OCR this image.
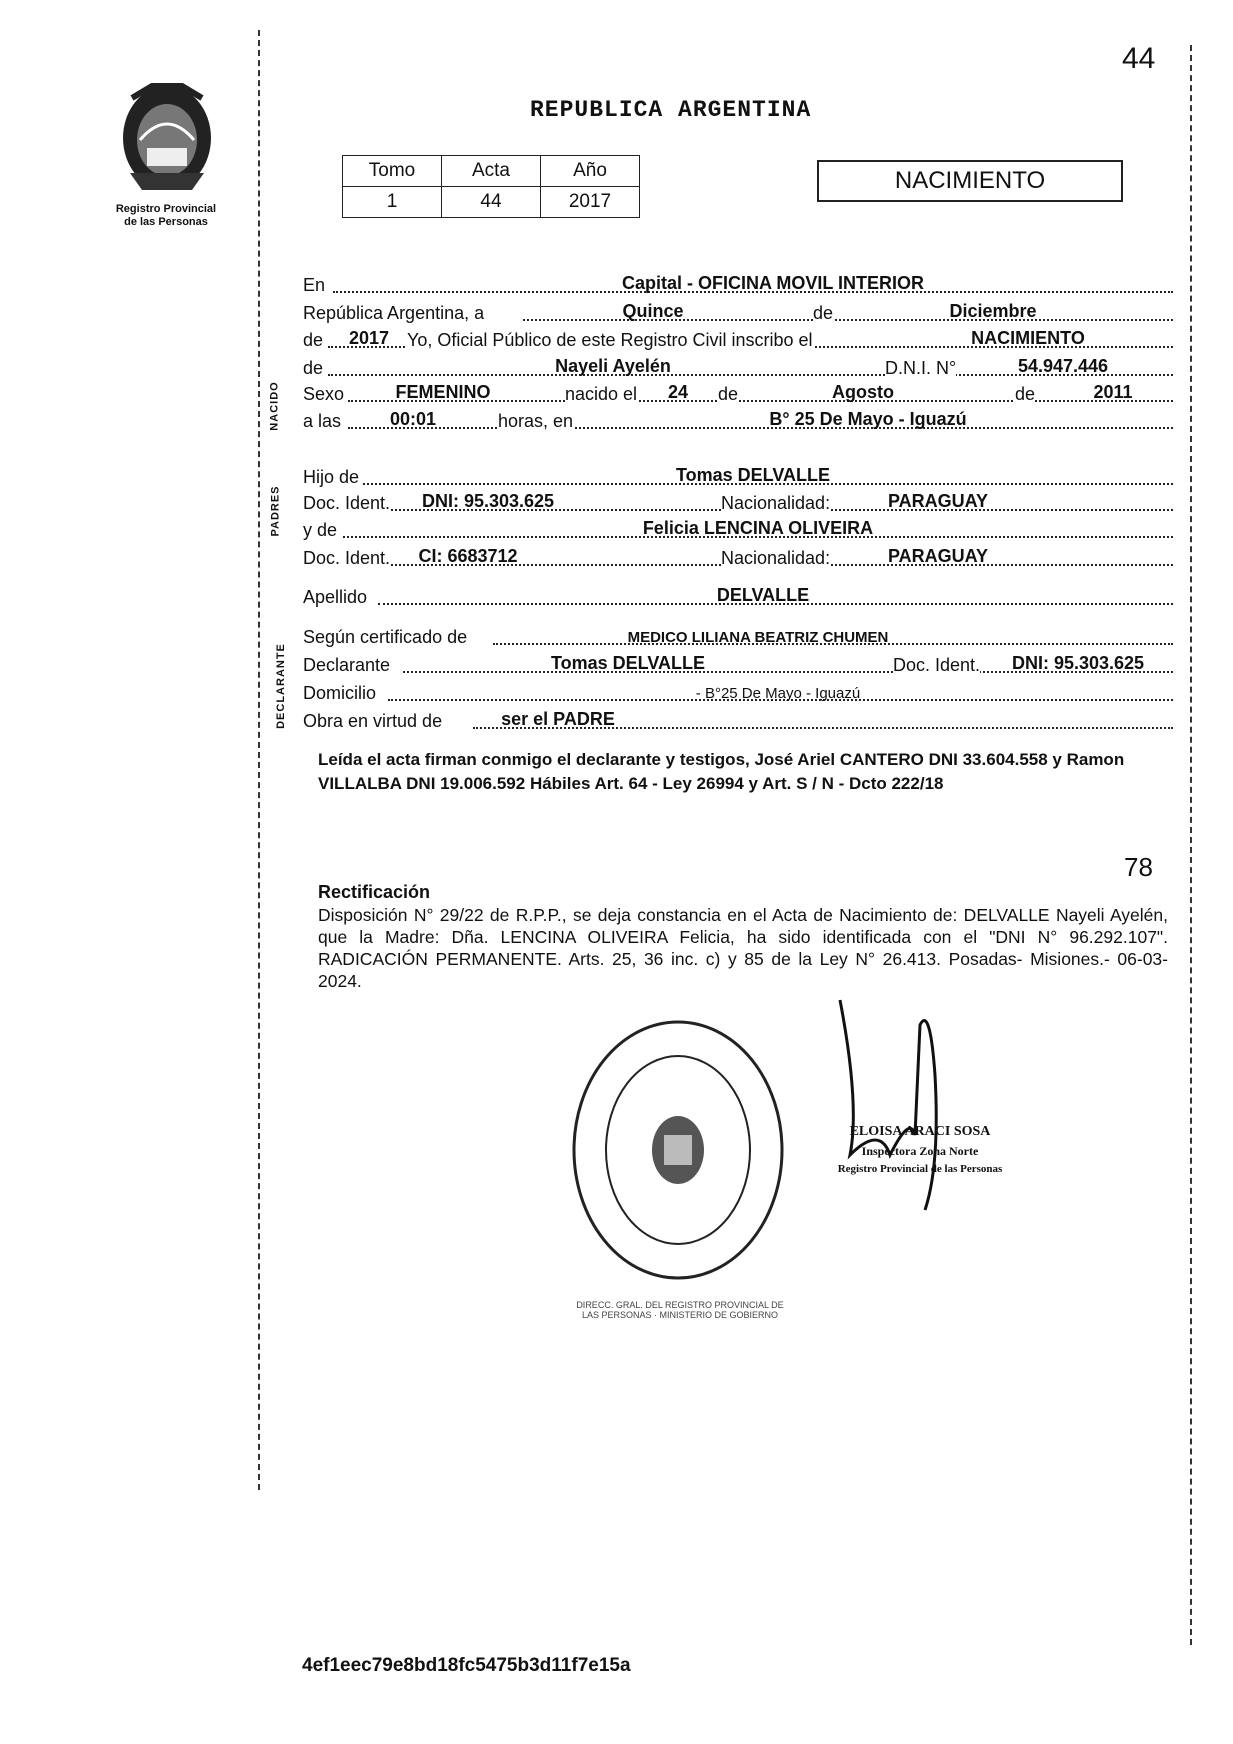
44
Registro Provincial
de las Personas
REPUBLICA ARGENTINA
Tomo	Acta	Año
1	44	2017
NACIMIENTO
NACIDO
PADRES
DECLARANTE
En	Capital - OFICINA MOVIL INTERIOR
República Argentina, a	Quince	de	Diciembre
de	2017 Yo, Oficial Público de este Registro Civil inscribo el	NACIMIENTO
de	Nayeli Ayelén	D.N.I. N°	54.947.446
Sexo	FEMENINO	nacido el	24	de	Agosto	de	2011
a las	00:01	horas, en	B° 25 De Mayo - Iguazú
Hijo de	Tomas DELVALLE
Doc. Ident.	DNI: 95.303.625	Nacionalidad:	PARAGUAY
y de	Felicia LENCINA OLIVEIRA
Doc. Ident.	CI: 6683712	Nacionalidad:	PARAGUAY
Apellido	DELVALLE
Según certificado de	MEDICO LILIANA BEATRIZ CHUMEN
Declarante	Tomas DELVALLE	Doc. Ident.	DNI: 95.303.625
Domicilio	- B°25 De Mayo - Iguazú
Obra en virtud de	ser el PADRE
Leída el acta firman conmigo el declarante y testigos, José Ariel CANTERO DNI 33.604.558 y Ramon VILLALBA DNI 19.006.592 Hábiles Art. 64 - Ley 26994 y Art. S / N - Dcto 222/18
78
Rectificación
Disposición N° 29/22 de R.P.P., se deja constancia en el Acta de Nacimiento de: DELVALLE Nayeli Ayelén, que la Madre: Dña. LENCINA OLIVEIRA Felicia, ha sido identificada con el "DNI N° 96.292.107". RADICACIÓN PERMANENTE. Arts. 25, 36 inc. c) y 85 de la Ley N° 26.413. Posadas- Misiones.- 06-03-2024.
DIRECC. GRAL. DEL REGISTRO PROVINCIAL DE LAS PERSONAS · MINISTERIO DE GOBIERNO
ELOISA ARACI SOSA
Inspectora Zona Norte
Registro Provincial de las Personas
4ef1eec79e8bd18fc5475b3d11f7e15a
